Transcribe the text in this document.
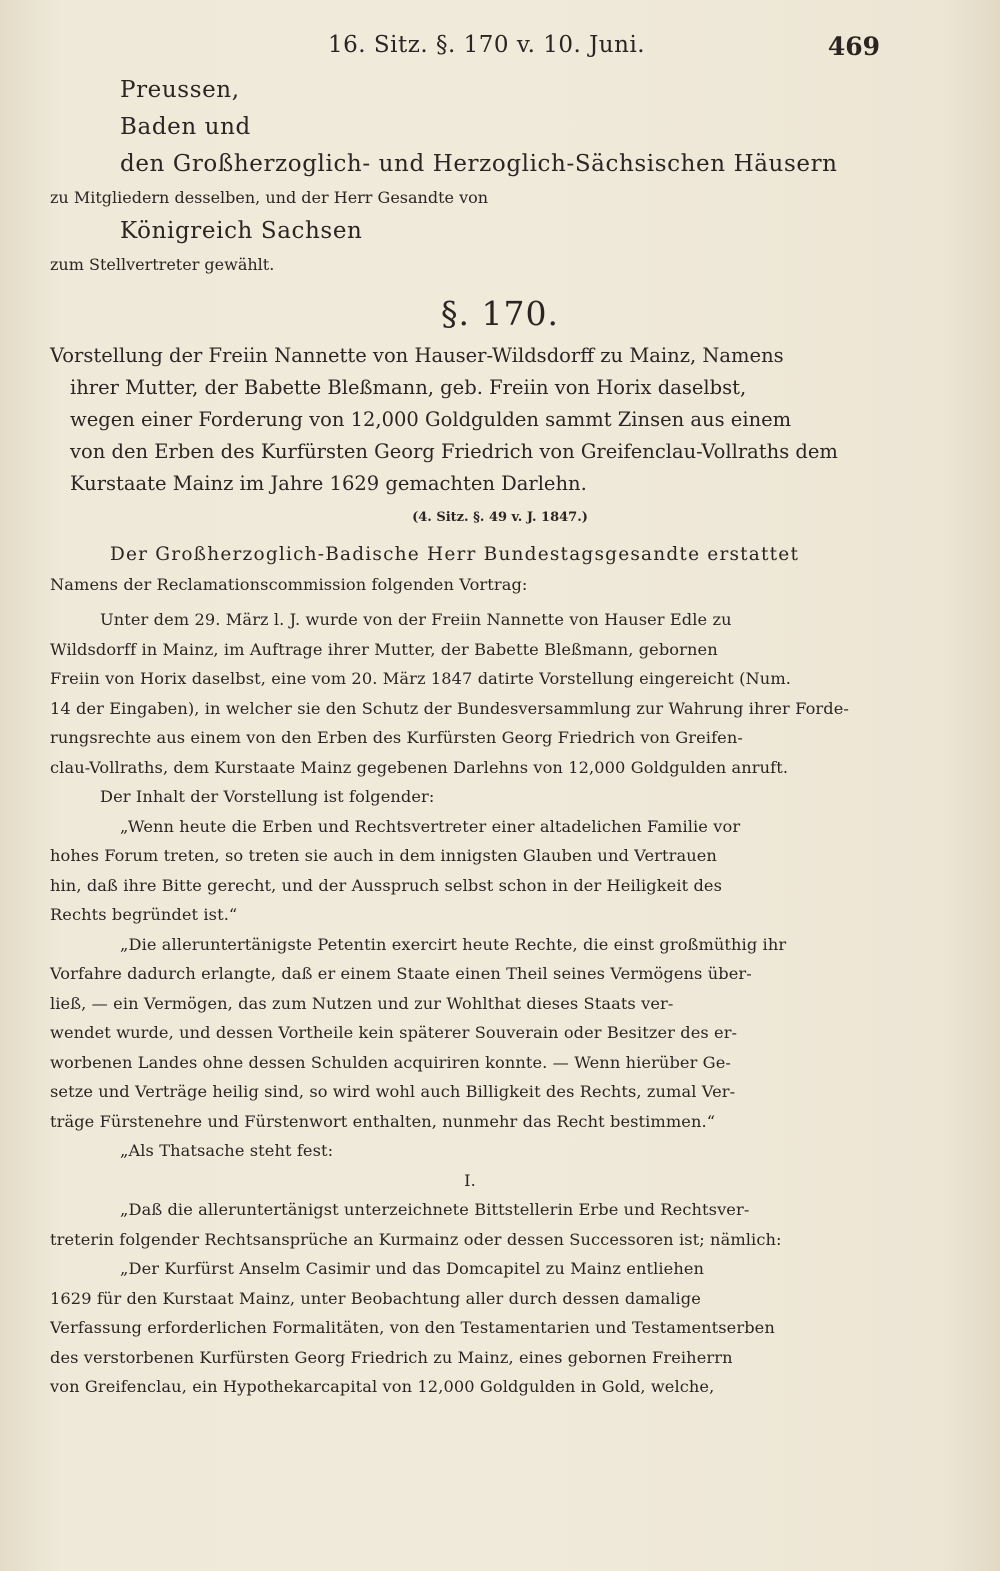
16. Sitz. §. 170 v. 10. Juni.	469
Preussen,
Baden und
den Großherzoglich- und Herzoglich-Sächsischen Häusern
zu Mitgliedern desselben, und der Herr Gesandte von
Königreich Sachsen
zum Stellvertreter gewählt.
§. 170.
Vorstellung der Freiin Nannette von Hauser-Wildsdorff zu Mainz, Namens
ihrer Mutter, der Babette Bleßmann, geb. Freiin von Horix daselbst,
wegen einer Forderung von 12,000 Goldgulden sammt Zinsen aus einem
von den Erben des Kurfürsten Georg Friedrich von Greifenclau-Vollraths dem
Kurstaate Mainz im Jahre 1629 gemachten Darlehn.
(4. Sitz. §. 49 v. J. 1847.)
Der Großherzoglich-Badische Herr Bundestagsgesandte erstattet
Namens der Reclamationscommission folgenden Vortrag:
Unter dem 29. März l. J. wurde von der Freiin Nannette von Hauser Edle zu
Wildsdorff in Mainz, im Auftrage ihrer Mutter, der Babette Bleßmann, gebornen
Freiin von Horix daselbst, eine vom 20. März 1847 datirte Vorstellung eingereicht (Num.
14 der Eingaben), in welcher sie den Schutz der Bundesversammlung zur Wahrung ihrer Forde-
rungsrechte aus einem von den Erben des Kurfürsten Georg Friedrich von Greifen-
clau-Vollraths, dem Kurstaate Mainz gegebenen Darlehns von 12,000 Goldgulden anruft.
Der Inhalt der Vorstellung ist folgender:
„Wenn heute die Erben und Rechtsvertreter einer altadelichen Familie vor
hohes Forum treten, so treten sie auch in dem innigsten Glauben und Vertrauen
hin, daß ihre Bitte gerecht, und der Ausspruch selbst schon in der Heiligkeit des
Rechts begründet ist.“
„Die alleruntertänigste Petentin exercirt heute Rechte, die einst großmüthig ihr
Vorfahre dadurch erlangte, daß er einem Staate einen Theil seines Vermögens über-
ließ, — ein Vermögen, das zum Nutzen und zur Wohlthat dieses Staats ver-
wendet wurde, und dessen Vortheile kein späterer Souverain oder Besitzer des er-
worbenen Landes ohne dessen Schulden acquiriren konnte. — Wenn hierüber Ge-
setze und Verträge heilig sind, so wird wohl auch Billigkeit des Rechts, zumal Ver-
träge Fürstenehre und Fürstenwort enthalten, nunmehr das Recht bestimmen.“
„Als Thatsache steht fest:
I.
„Daß die alleruntertänigst unterzeichnete Bittstellerin Erbe und Rechtsver-
treterin folgender Rechtsansprüche an Kurmainz oder dessen Successoren ist; nämlich:
„Der Kurfürst Anselm Casimir und das Domcapitel zu Mainz entliehen
1629 für den Kurstaat Mainz, unter Beobachtung aller durch dessen damalige
Verfassung erforderlichen Formalitäten, von den Testamentarien und Testamentserben
des verstorbenen Kurfürsten Georg Friedrich zu Mainz, eines gebornen Freiherrn
von Greifenclau, ein Hypothekarcapital von 12,000 Goldgulden in Gold, welche,
